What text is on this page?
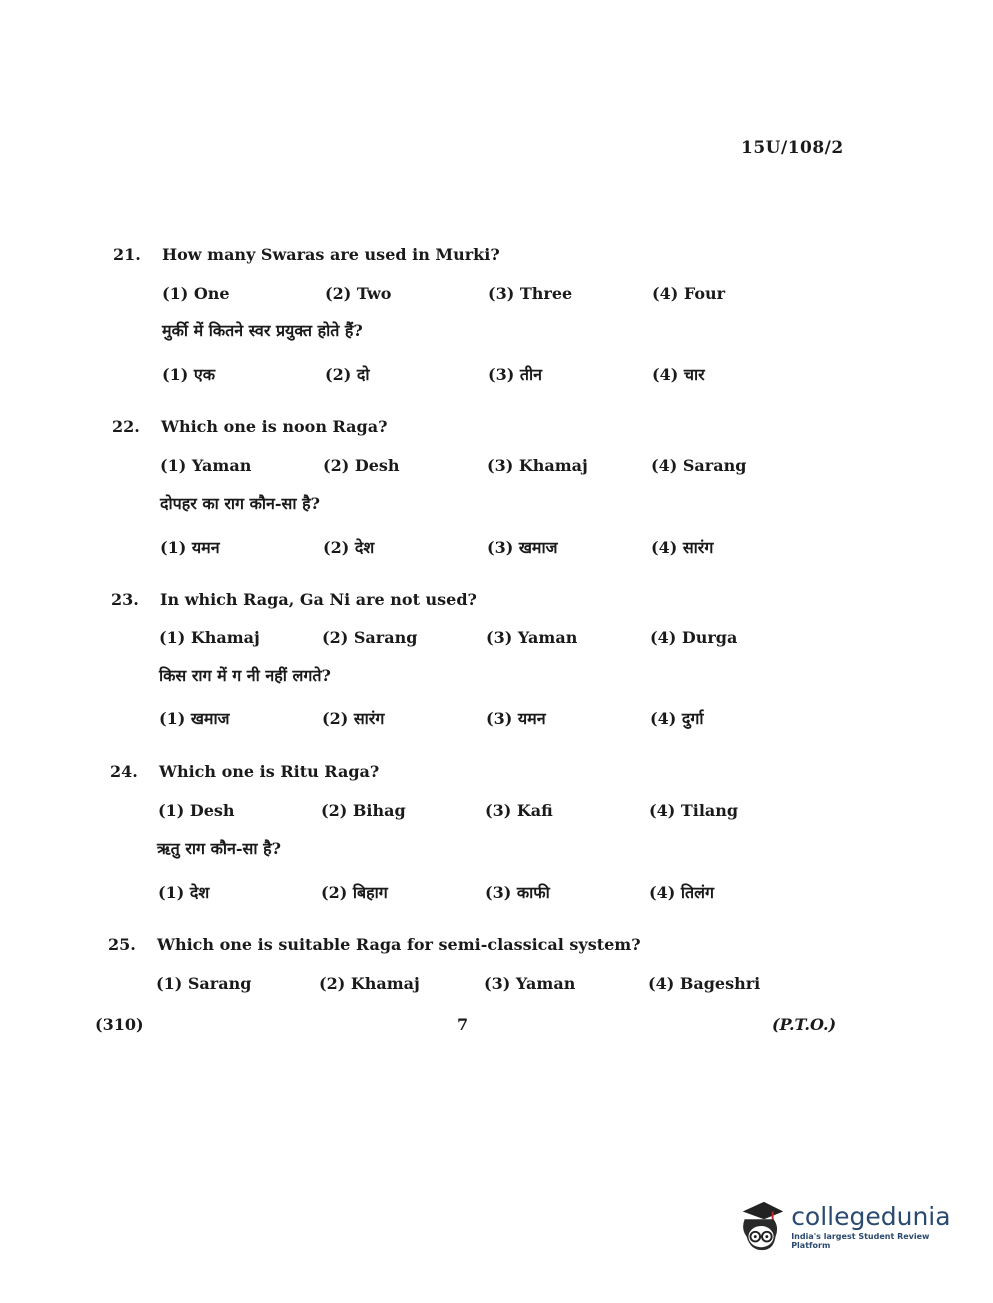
15U/108/2
21. How many Swaras are used in Murki?
(1) One	(2) Two	(3) Three	(4) Four
मुर्की में कितने स्वर प्रयुक्त होते हैं?
(1) एक	(2) दो	(3) तीन	(4) चार
22. Which one is noon Raga?
(1) Yaman	(2) Desh	(3) Khamaj	(4) Sarang
दोपहर का राग कौन-सा है?
(1) यमन	(2) देश	(3) खमाज	(4) सारंग
23. In which Raga, Ga Ni are not used?
(1) Khamaj	(2) Sarang	(3) Yaman	(4) Durga
किस राग में ग नी नहीं लगते?
(1) खमाज	(2) सारंग	(3) यमन	(4) दुर्गा
24. Which one is Ritu Raga?
(1) Desh	(2) Bihag	(3) Kafi	(4) Tilang
ऋतु राग कौन-सा है?
(1) देश	(2) बिहाग	(3) काफी	(4) तिलंग
25. Which one is suitable Raga for semi-classical system?
(1) Sarang	(2) Khamaj	(3) Yaman	(4) Bageshri
(310)	7	(P.T.O.)
collegedunia
India's largest Student Review Platform
